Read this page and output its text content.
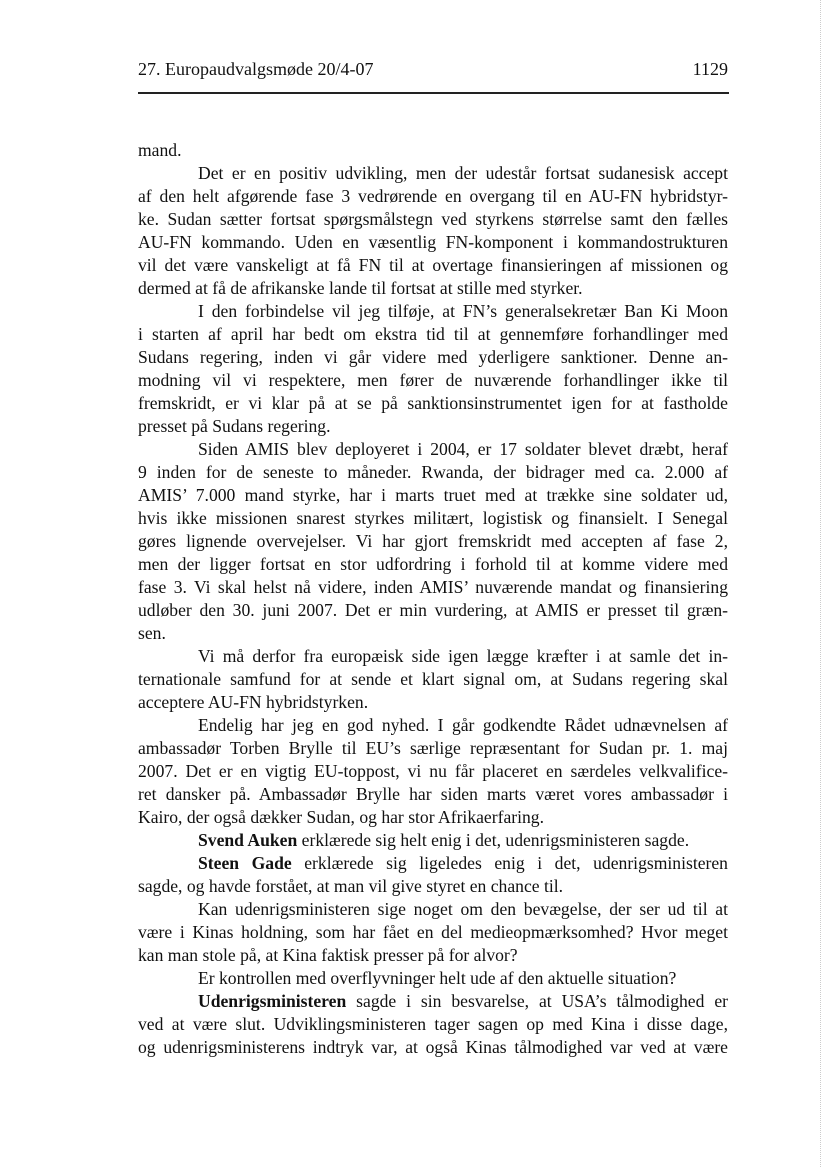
27. Europaudvalgsmøde 20/4-07	1129
mand.
Det er en positiv udvikling, men der udestår fortsat sudanesisk accept
af den helt afgørende fase 3 vedrørende en overgang til en AU-FN hybridstyr-
ke. Sudan sætter fortsat spørgsmålstegn ved styrkens størrelse samt den fælles
AU-FN kommando. Uden en væsentlig FN-komponent i kommandostrukturen
vil det være vanskeligt at få FN til at overtage finansieringen af missionen og
dermed at få de afrikanske lande til fortsat at stille med styrker.
I den forbindelse vil jeg tilføje, at FN’s generalsekretær Ban Ki Moon
i starten af april har bedt om ekstra tid til at gennemføre forhandlinger med
Sudans regering, inden vi går videre med yderligere sanktioner. Denne an-
modning vil vi respektere, men fører de nuværende forhandlinger ikke til
fremskridt, er vi klar på at se på sanktionsinstrumentet igen for at fastholde
presset på Sudans regering.
Siden AMIS blev deployeret i 2004, er 17 soldater blevet dræbt, heraf
9 inden for de seneste to måneder. Rwanda, der bidrager med ca. 2.000 af
AMIS’ 7.000 mand styrke, har i marts truet med at trække sine soldater ud,
hvis ikke missionen snarest styrkes militært, logistisk og finansielt. I Senegal
gøres lignende overvejelser. Vi har gjort fremskridt med accepten af fase 2,
men der ligger fortsat en stor udfordring i forhold til at komme videre med
fase 3. Vi skal helst nå videre, inden AMIS’ nuværende mandat og finansiering
udløber den 30. juni 2007. Det er min vurdering, at AMIS er presset til græn-
sen.
Vi må derfor fra europæisk side igen lægge kræfter i at samle det in-
ternationale samfund for at sende et klart signal om, at Sudans regering skal
acceptere AU-FN hybridstyrken.
Endelig har jeg en god nyhed. I går godkendte Rådet udnævnelsen af
ambassadør Torben Brylle til EU’s særlige repræsentant for Sudan pr. 1. maj
2007. Det er en vigtig EU-toppost, vi nu får placeret en særdeles velkvalifice-
ret dansker på. Ambassadør Brylle har siden marts været vores ambassadør i
Kairo, der også dækker Sudan, og har stor Afrikaerfaring.
Svend Auken erklærede sig helt enig i det, udenrigsministeren sagde.
Steen Gade erklærede sig ligeledes enig i det, udenrigsministeren
sagde, og havde forstået, at man vil give styret en chance til.
Kan udenrigsministeren sige noget om den bevægelse, der ser ud til at
være i Kinas holdning, som har fået en del medieopmærksomhed? Hvor meget
kan man stole på, at Kina faktisk presser på for alvor?
Er kontrollen med overflyvninger helt ude af den aktuelle situation?
Udenrigsministeren sagde i sin besvarelse, at USA’s tålmodighed er
ved at være slut. Udviklingsministeren tager sagen op med Kina i disse dage,
og udenrigsministerens indtryk var, at også Kinas tålmodighed var ved at være
